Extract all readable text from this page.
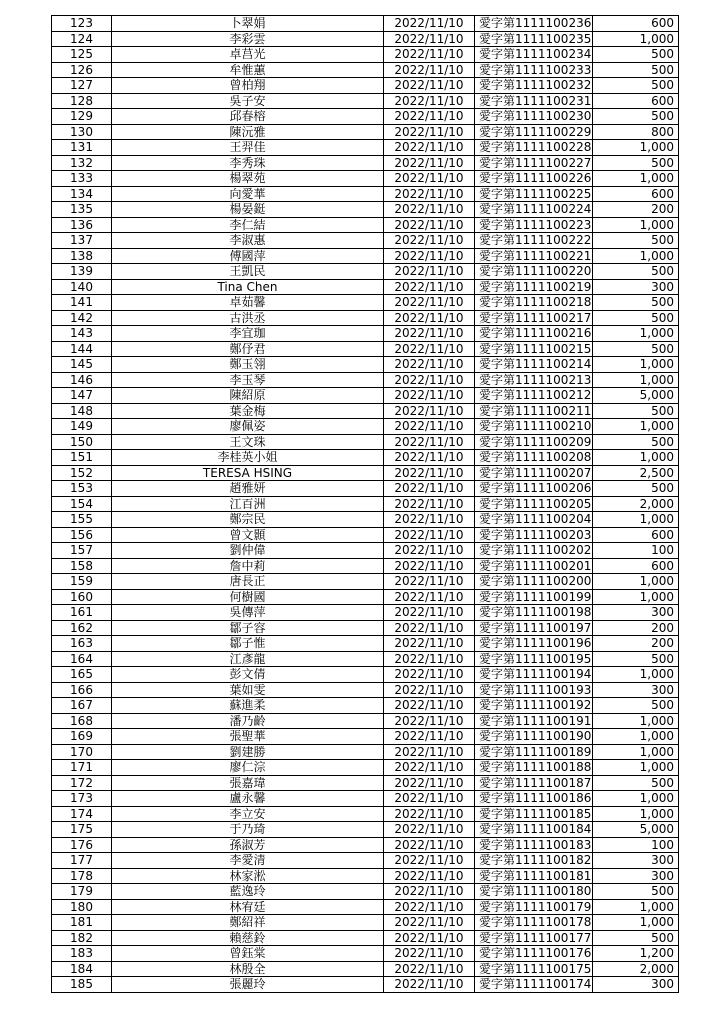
123	卜翠娟	2022/11/10	愛字第1111100236	600
124	李彩雲	2022/11/10	愛字第1111100235	1,000
125	卓莒光	2022/11/10	愛字第1111100234	500
126	牟惟蕙	2022/11/10	愛字第1111100233	500
127	曾柏翔	2022/11/10	愛字第1111100232	500
128	吳子安	2022/11/10	愛字第1111100231	600
129	邱春榕	2022/11/10	愛字第1111100230	500
130	陳沅雅	2022/11/10	愛字第1111100229	800
131	王羿佳	2022/11/10	愛字第1111100228	1,000
132	李秀珠	2022/11/10	愛字第1111100227	500
133	楊翠苑	2022/11/10	愛字第1111100226	1,000
134	向愛華	2022/11/10	愛字第1111100225	600
135	楊晏鋌	2022/11/10	愛字第1111100224	200
136	李仁結	2022/11/10	愛字第1111100223	1,000
137	李淑惠	2022/11/10	愛字第1111100222	500
138	傅國萍	2022/11/10	愛字第1111100221	1,000
139	王凱民	2022/11/10	愛字第1111100220	500
140	Tina Chen	2022/11/10	愛字第1111100219	300
141	卓茹馨	2022/11/10	愛字第1111100218	500
142	古洪丞	2022/11/10	愛字第1111100217	500
143	李宜珈	2022/11/10	愛字第1111100216	1,000
144	鄭伃君	2022/11/10	愛字第1111100215	500
145	鄭玉翎	2022/11/10	愛字第1111100214	1,000
146	李玉琴	2022/11/10	愛字第1111100213	1,000
147	陳紹原	2022/11/10	愛字第1111100212	5,000
148	葉金梅	2022/11/10	愛字第1111100211	500
149	廖佩姿	2022/11/10	愛字第1111100210	1,000
150	王文珠	2022/11/10	愛字第1111100209	500
151	李桂英小姐	2022/11/10	愛字第1111100208	1,000
152	TERESA HSING	2022/11/10	愛字第1111100207	2,500
153	趙雅妍	2022/11/10	愛字第1111100206	500
154	江百洲	2022/11/10	愛字第1111100205	2,000
155	鄭宗民	2022/11/10	愛字第1111100204	1,000
156	曾文顥	2022/11/10	愛字第1111100203	600
157	劉仲偉	2022/11/10	愛字第1111100202	100
158	詹中莉	2022/11/10	愛字第1111100201	600
159	唐長正	2022/11/10	愛字第1111100200	1,000
160	何樹國	2022/11/10	愛字第1111100199	1,000
161	吳傳萍	2022/11/10	愛字第1111100198	300
162	鄒子容	2022/11/10	愛字第1111100197	200
163	鄒子惟	2022/11/10	愛字第1111100196	200
164	江彥龍	2022/11/10	愛字第1111100195	500
165	彭文倩	2022/11/10	愛字第1111100194	1,000
166	葉如雯	2022/11/10	愛字第1111100193	300
167	蘇進柔	2022/11/10	愛字第1111100192	500
168	潘乃齡	2022/11/10	愛字第1111100191	1,000
169	張聖華	2022/11/10	愛字第1111100190	1,000
170	劉建勝	2022/11/10	愛字第1111100189	1,000
171	廖仁淙	2022/11/10	愛字第1111100188	1,000
172	張嘉瑋	2022/11/10	愛字第1111100187	500
173	盧永馨	2022/11/10	愛字第1111100186	1,000
174	李立安	2022/11/10	愛字第1111100185	1,000
175	于乃琦	2022/11/10	愛字第1111100184	5,000
176	孫淑芳	2022/11/10	愛字第1111100183	100
177	李愛清	2022/11/10	愛字第1111100182	300
178	林家淞	2022/11/10	愛字第1111100181	300
179	藍逸玲	2022/11/10	愛字第1111100180	500
180	林宥廷	2022/11/10	愛字第1111100179	1,000
181	鄭紹祥	2022/11/10	愛字第1111100178	1,000
182	賴慈鈴	2022/11/10	愛字第1111100177	500
183	曾鈺棠	2022/11/10	愛字第1111100176	1,200
184	林殷全	2022/11/10	愛字第1111100175	2,000
185	張麗玲	2022/11/10	愛字第1111100174	300
